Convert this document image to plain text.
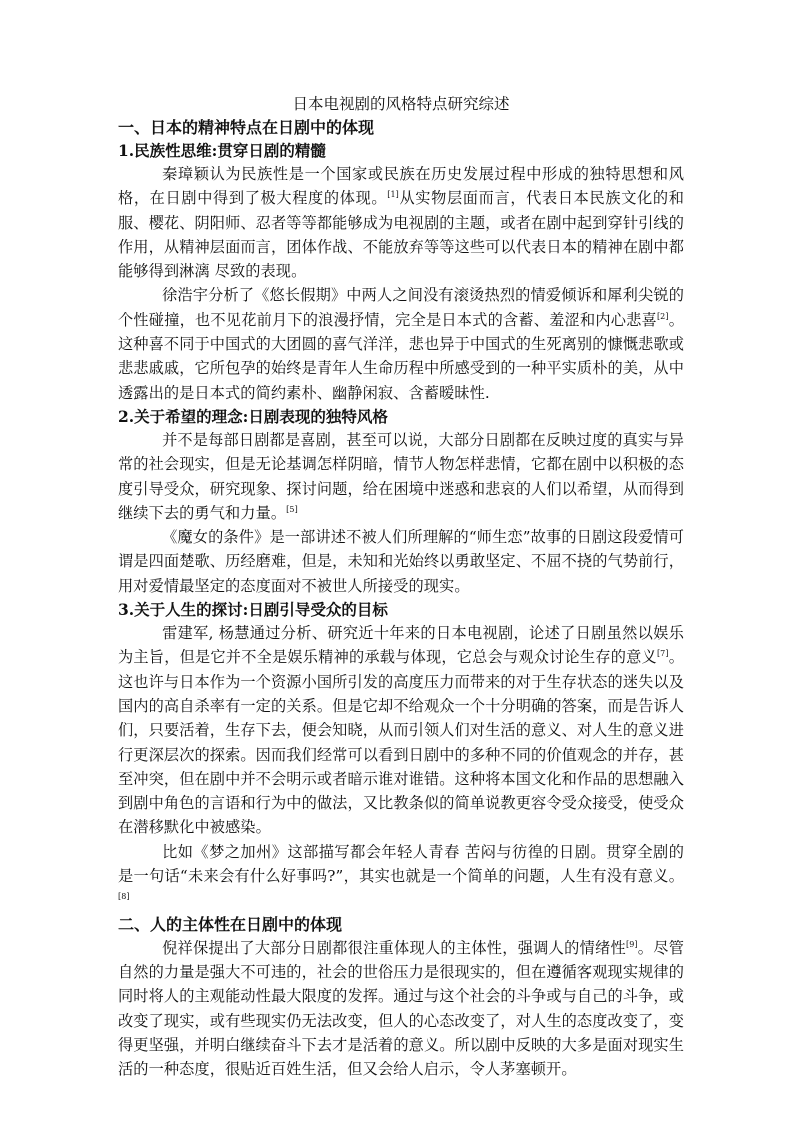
日本电视剧的风格特点研究综述
一、日本的精神特点在日剧中的体现
1.民族性思维:贯穿日剧的精髓

秦璋颖认为民族性是一个国家或民族在历史发展过程中形成的独特思想和风格，在日剧中得到了极大程度的体现。[1]从实物层面而言，代表日本民族文化的和服、樱花、阴阳师、忍者等等都能够成为电视剧的主题，或者在剧中起到穿针引线的作用，从精神层面而言，团体作战、不能放弃等等这些可以代表日本的精神在剧中都能够得到淋漓 尽致的表现。

徐浩宇分析了《悠长假期》中两人之间没有滚烫热烈的情爱倾诉和犀利尖锐的个性碰撞，也不见花前月下的浪漫抒情，完全是日本式的含蓄、羞涩和内心悲喜[2]。这种喜不同于中国式的大团圆的喜气洋洋，悲也异于中国式的生死离别的慷慨悲歌或悲悲戚戚，它所包孕的始终是青年人生命历程中所感受到的一种平实质朴的美，从中透露出的是日本式的简约素朴、幽静闲寂、含蓄暧昧性.

2.关于希望的理念:日剧表现的独特风格

并不是每部日剧都是喜剧，甚至可以说，大部分日剧都在反映过度的真实与异常的社会现实，但是无论基调怎样阴暗，情节人物怎样悲情，它都在剧中以积极的态度引导受众，研究现象、探讨问题，给在困境中迷惑和悲哀的人们以希望，从而得到继续下去的勇气和力量。[5]

《魔女的条件》是一部讲述不被人们所理解的“师生恋”故事的日剧这段爱情可谓是四面楚歌、历经磨难，但是，未知和光始终以勇敢坚定、不屈不挠的气势前行，用对爱情最坚定的态度面对不被世人所接受的现实。

3.关于人生的探讨:日剧引导受众的目标

雷建军, 杨慧通过分析、研究近十年来的日本电视剧，论述了日剧虽然以娱乐为主旨，但是它并不全是娱乐精神的承载与体现，它总会与观众讨论生存的意义[7]。这也许与日本作为一个资源小国所引发的高度压力而带来的对于生存状态的迷失以及国内的高自杀率有一定的关系。但是它却不给观众一个十分明确的答案，而是告诉人们，只要活着，生存下去，便会知晓，从而引领人们对生活的意义、对人生的意义进行更深层次的探索。因而我们经常可以看到日剧中的多种不同的价值观念的并存，甚至冲突，但在剧中并不会明示或者暗示谁对谁错。这种将本国文化和作品的思想融入到剧中角色的言语和行为中的做法，又比教条似的简单说教更容令受众接受，使受众在潜移默化中被感染。

比如《梦之加州》这部描写都会年轻人青春 苦闷与彷徨的日剧。贯穿全剧的是一句话“未来会有什么好事吗?”，其实也就是一个简单的问题，人生有没有意义。[8]

二、人的主体性在日剧中的体现

倪祥保提出了大部分日剧都很注重体现人的主体性，强调人的情绪性[9]。尽管自然的力量是强大不可违的，社会的世俗压力是很现实的，但在遵循客观现实规律的同时将人的主观能动性最大限度的发挥。通过与这个社会的斗争或与自己的斗争，或改变了现实，或有些现实仍无法改变，但人的心态改变了，对人生的态度改变了，变得更坚强，并明白继续奋斗下去才是活着的意义。所以剧中反映的大多是面对现实生活的一种态度，很贴近百姓生活，但又会给人启示，令人茅塞顿开。
